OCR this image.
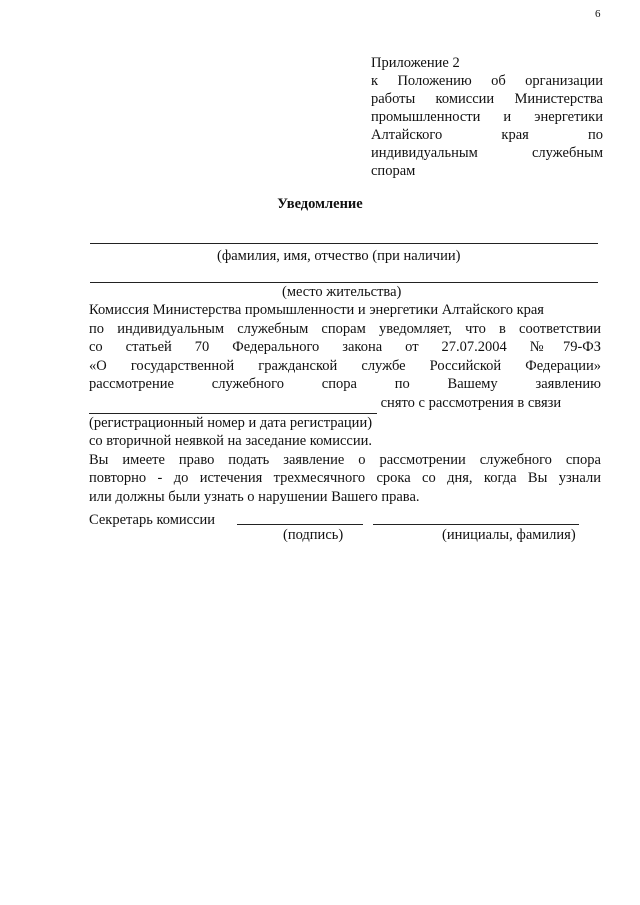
6
Приложение 2
к Положению об организации
работы комиссии Министерства
промышленности и энергетики
Алтайского края по
индивидуальным служебным
спорам
Уведомление
(фамилия, имя, отчество (при наличии)
(место жительства)
Комиссия Министерства промышленности и энергетики Алтайского края
по индивидуальным служебным спорам уведомляет, что в соответствии
со статьей 70 Федерального закона от 27.07.2004 №79-ФЗ
«О государственной гражданской службе Российской Федерации»
рассмотрение служебного спора по Вашему заявлению
снято с рассмотрения в связи
(регистрационный номер и дата регистрации)
со вторичной неявкой на заседание комиссии.
Вы имеете право подать заявление о рассмотрении служебного спора
повторно - до истечения трехмесячного срока со дня, когда Вы узнали
или должны были узнать о нарушении Вашего права.
Секретарь комиссии
(подпись)	(инициалы, фамилия)
